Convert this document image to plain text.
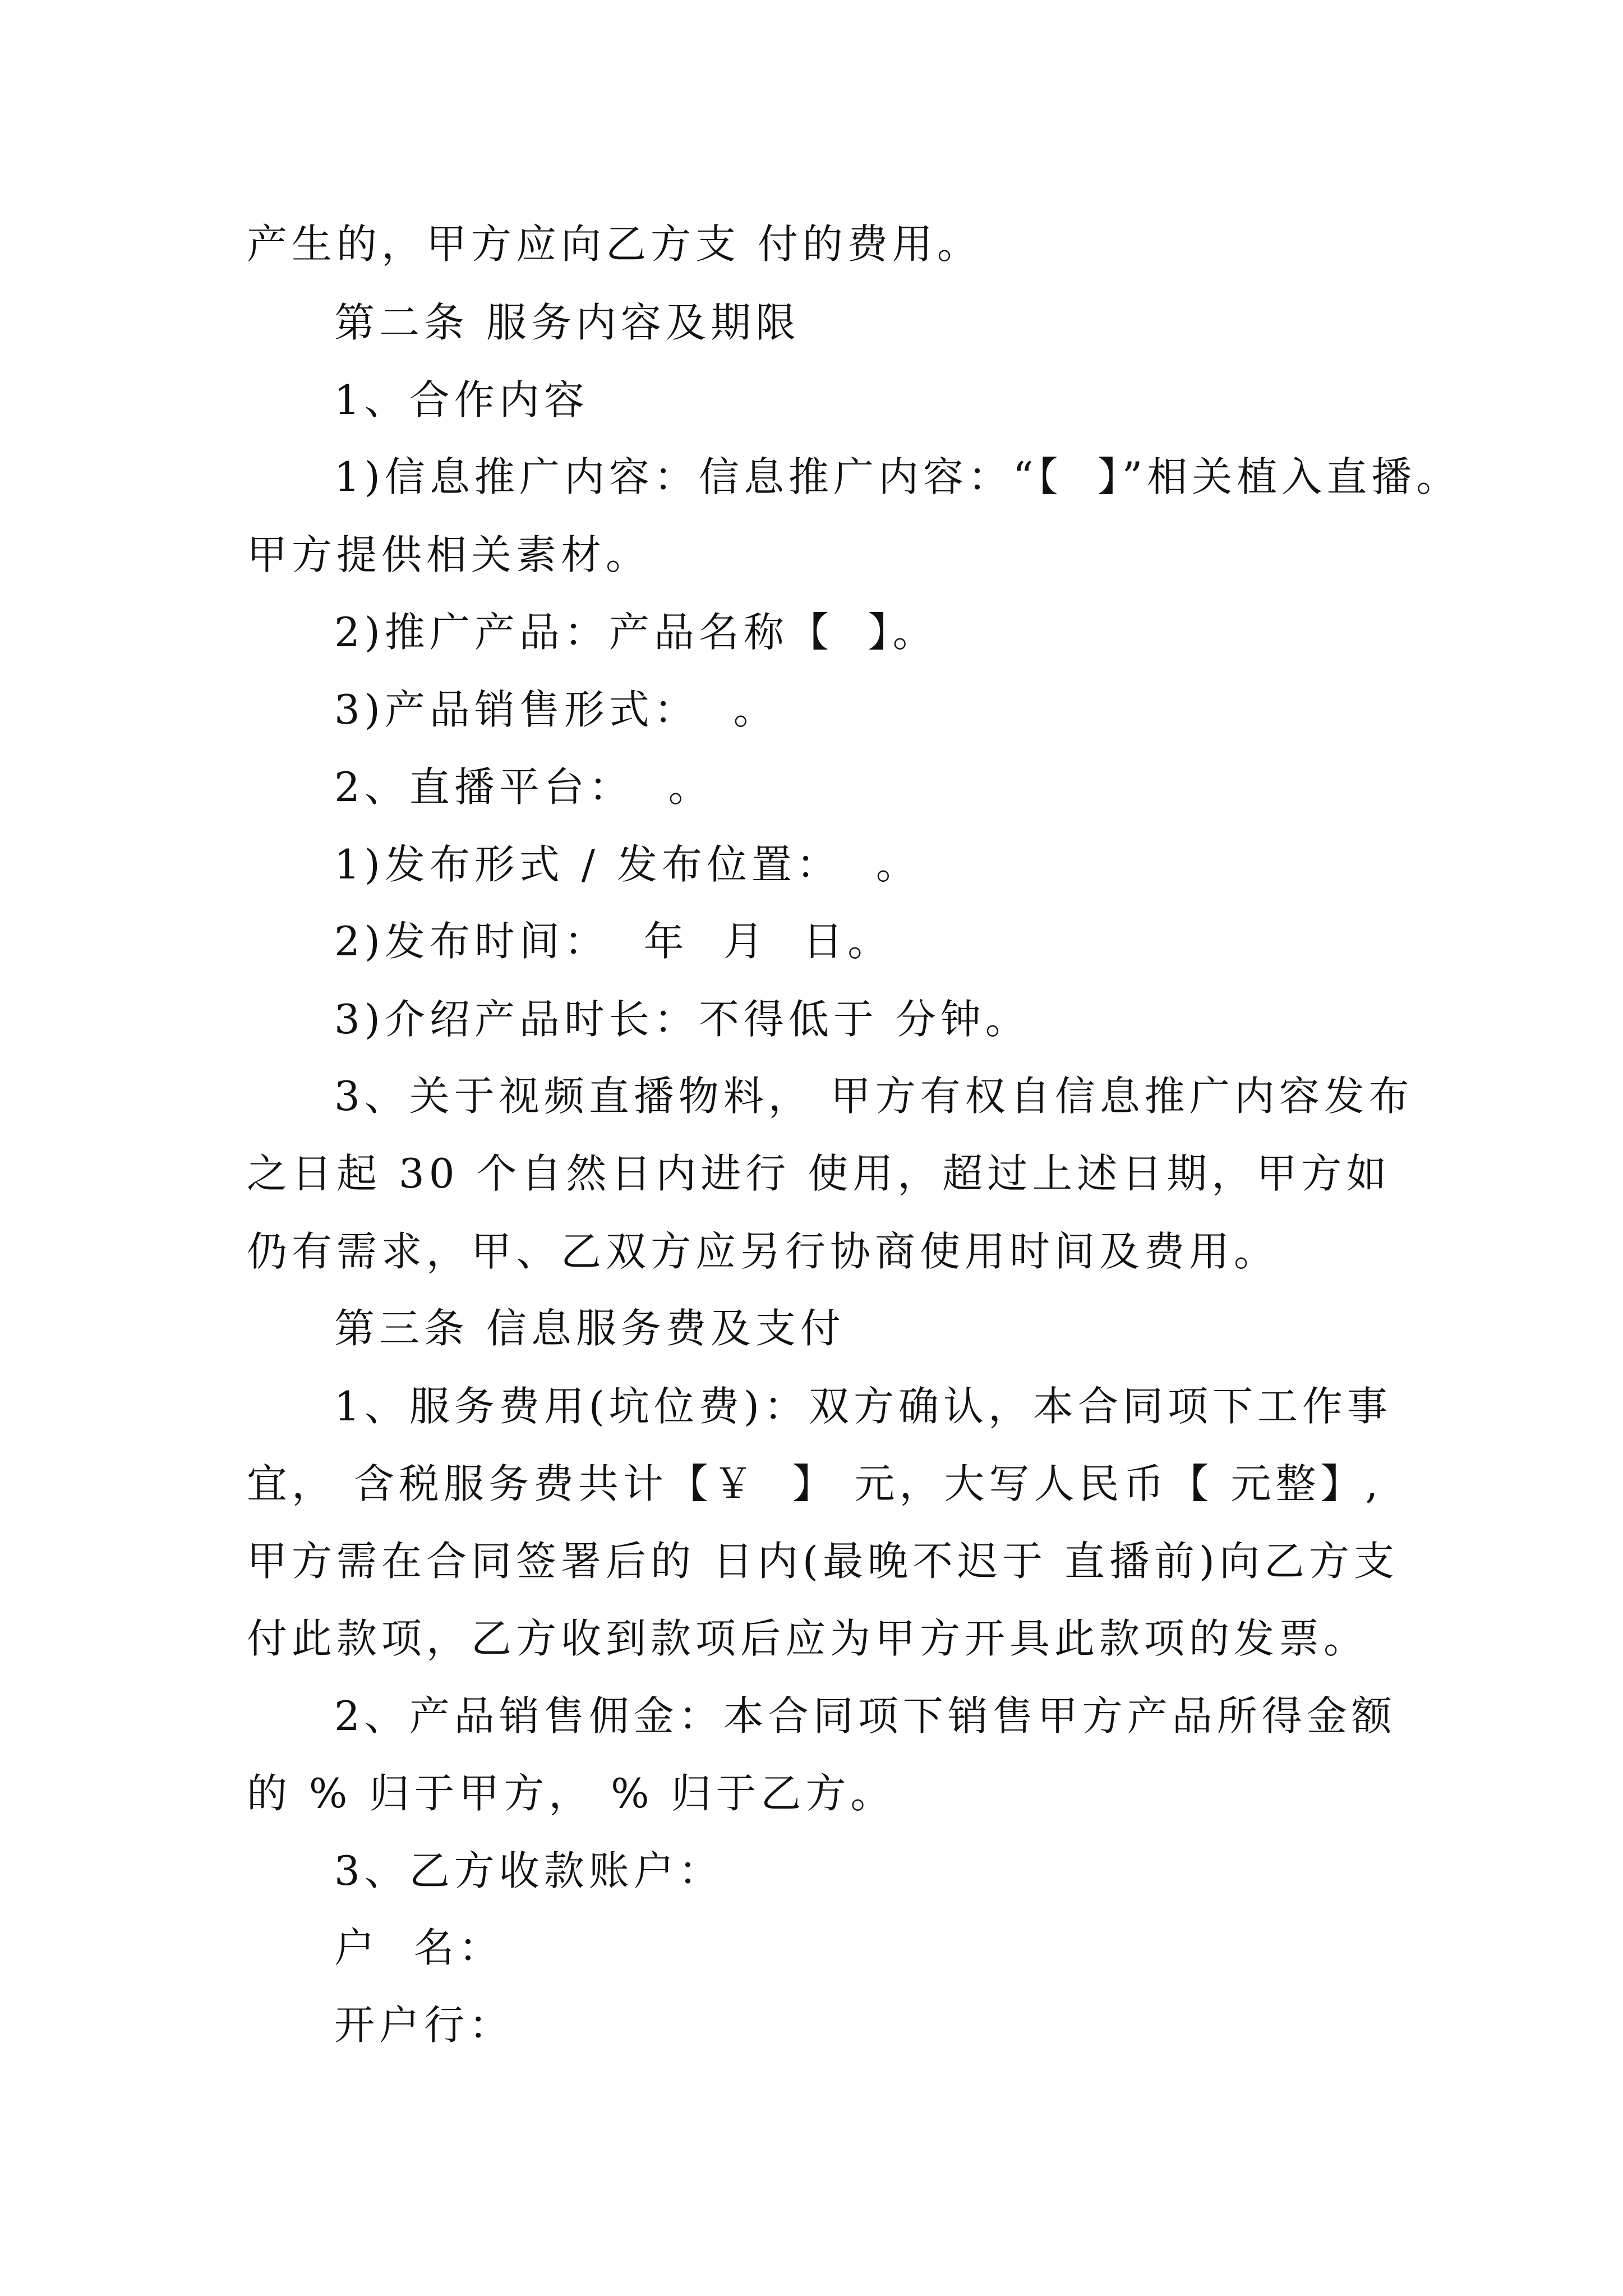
产生的，甲方应向乙方支 付的费用。
第二条 服务内容及期限
1、合作内容
1)信息推广内容：信息推广内容：“【  】”相关植入直播。
甲方提供相关素材。
2)推广产品：产品名称【  】。
3)产品销售形式：  。
2、直播平台：  。
1)发布形式 / 发布位置：  。
2)发布时间：  年  月  日。
3)介绍产品时长：不得低于 分钟。
3、关于视频直播物料， 甲方有权自信息推广内容发布
之日起 30 个自然日内进行 使用，超过上述日期，甲方如
仍有需求，甲、乙双方应另行协商使用时间及费用。
第三条 信息服务费及支付
1、服务费用(坑位费)：双方确认，本合同项下工作事
宜， 含税服务费共计【￥  】 元，大写人民币【 元整】,
甲方需在合同签署后的 日内(最晚不迟于 直播前)向乙方支
付此款项，乙方收到款项后应为甲方开具此款项的发票。
2、产品销售佣金：本合同项下销售甲方产品所得金额
的 % 归于甲方， % 归于乙方。
3、乙方收款账户：
户  名：
开户行：
